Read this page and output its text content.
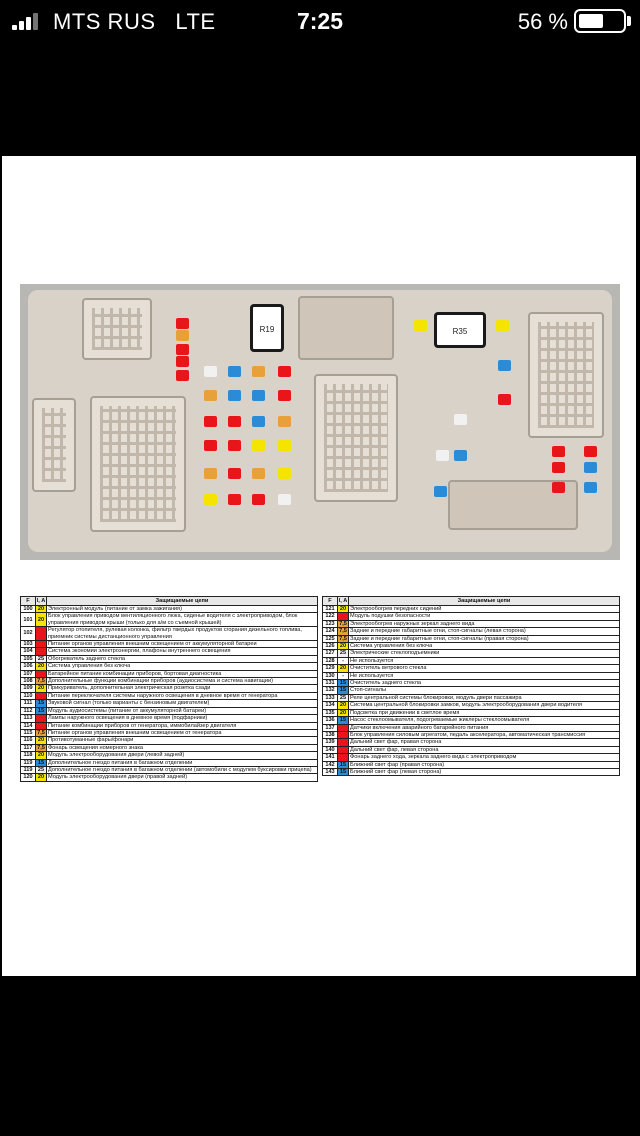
MTS RUS LTE	7:25	56 %
R19	R35
F	I, A	Защищаемые цепи
100	20	Электронный модуль (питание от замка зажигания)
101	20	Блок управления приводом вентиляционного люка, сиденье водителя с электроприводом, блок управления приводом крыши (только для а/м со съемной крышей)
102		Регулятор отопителя, рулевая колонка, фильтр твердых продуктов сгорания дизельного топлива, приемник системы дистанционного управления
103		Питание органов управления внешним освещением от аккумуляторной батареи
104		Система экономии электроэнергии, плафоны внутреннего освещения
105	25	Обогреватель заднего стекла
106	20	Система управления без ключа
107		Батарейное питание комбинации приборов, бортовая диагностика
108	7,5	Дополнительные функции комбинации приборов (аудиосистема и система навигации)
109	20	Прикуриватель, дополнительная электрическая розетка сзади
110		Питание переключателя системы наружного освещения в дневное время от генератора
111	15	Звуковой сигнал (только варианты с бензиновым двигателем)
112	15	Модуль аудиосистемы (питание от аккумуляторной батареи)
113		Лампы наружного освещения в дневное время (подфарники)
114		Питание комбинации приборов от генератора, иммобилайзер двигателя
115	7,5	Питание органов управления внешним освещением от генератора
116	20	Противотуманные фары/фонари
117	7,5	Фонарь освещения номерного знака
118	20	Модуль электрооборудования двери (левой задней)
119	15	Дополнительное гнездо питания в багажном отделении
119	25	Дополнительное гнездо питания в багажном отделении (автомобили с модулем буксировки прицепа)
120	20	Модуль электрооборудования двери (правой задней)
F	I, A	Защищаемые цепи
121	20	Электрообогрев передних сидений
122		Модуль подушки безопасности
123	7,5	Электрообогрев наружных зеркал заднего вида
124	7,5	Задние и передние габаритные огни, стоп-сигналы (левая сторона)
125	7,5	Задние и передние габаритные огни, стоп-сигналы (правая сторона)
126	20	Система управления без ключа
127	25	Электрические стеклоподъемники
128	-	Не используется
129	20	Очиститель ветрового стекла
130	-	Не используется
131	15	Очиститель заднего стекла
132	15	Стоп-сигналы
133	25	Реле центральной системы блокировки, модуль двери пассажира
134	20	Система центральной блокировки замков, модуль электрооборудования двери водителя
135	20	Подсветка при движении в светлое время
136	15	Насос стеклоомывателя, подогреваемые жиклеры стеклоомывателя
137		Датчики включения аварийного батарейного питания
138		Блок управления силовым агрегатом, педаль акселератора, автоматическая трансмиссия
139		Дальний свет фар, правая сторона
140		Дальний свет фар, левая сторона
141		Фонарь заднего хода, зеркала заднего вида с электроприводом
142	15	Ближний свет фар (правая сторона)
143	15	Ближний свет фар (левая сторона)
